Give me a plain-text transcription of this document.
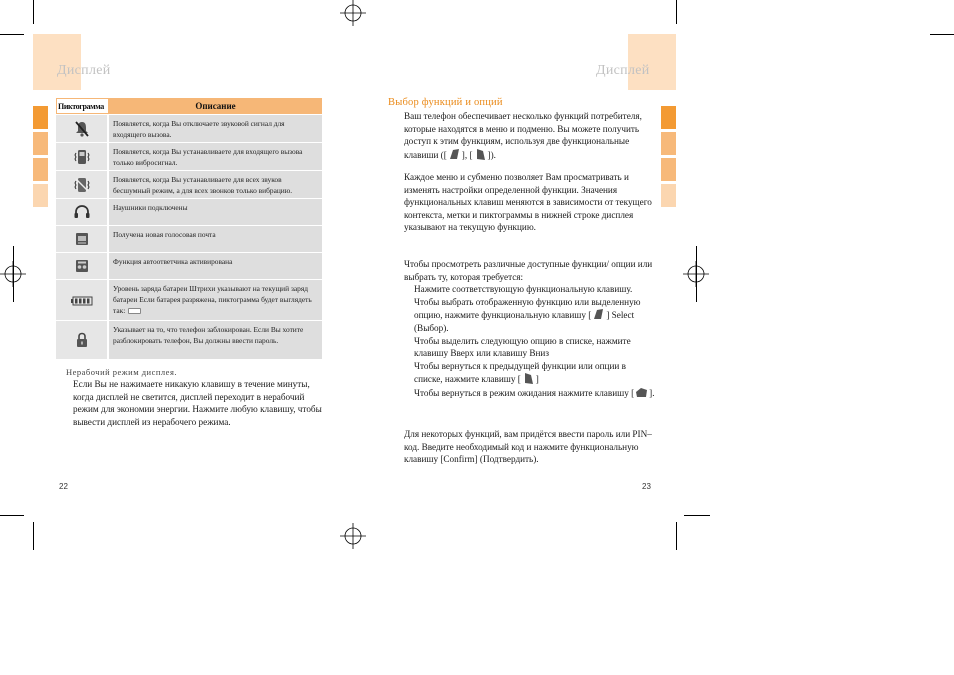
Дисплей	Дисплей
Пиктограмма	Описание
	Появляется, когда Вы отключаете звуковой сигнал для входящего вызова.
	Появляется, когда Вы устанавливаете для входящего вызова только вибросигнал.
	Появляется, когда Вы устанавливаете для всех звуков бесшумный режим, а для всех звонков только вибрацию.
	Наушники подключены
	Получена новая голосовая почта
	Функция автоответчика активирована
	Уровень заряда батареи Штрихи указывают на текущий заряд батареи Если батарея разряжена, пиктограмма будет выглядеть так:
	Указывает на то, что телефон заблокирован. Если Вы хотите разблокировать телефон, Вы должны ввести пароль.
Нерабочий режим дисплея.
Если Вы не нажимаете никакую клавишу в течение минуты, когда дисплей не светится, дисплей переходит в нерабочий режим для экономии энергии. Нажмите любую клавишу, чтобы вывести дисплей из нерабочего режима.
22
Выбор функций и опций
Ваш телефон обеспечивает несколько функций потребителя, которые находятся в меню и подменю. Вы можете получить доступ к этим функциям, используя две функциональные клавиши ([ ], [ ]).
Каждое меню и субменю позволяет Вам просматривать и изменять настройки определенной функции. Значения функциональных клавиш меняются в зависимости от текущего контекста, метки и пиктограммы в нижней строке дисплея указывают на текущую функцию.
Чтобы просмотреть различные доступные функции/ опции или выбрать ту, которая требуется:
Нажмите соответствующую функциональную клавишу.
Чтобы выбрать отображенную функцию или выделенную опцию, нажмите функциональную клавишу [ ] Select (Выбор).
Чтобы выделить следующую опцию в списке, нажмите клавишу Вверх или клавишу Вниз
Чтобы вернуться к предыдущей функции или опции в списке, нажмите клавишу [ ]
Чтобы вернуться в режим ожидания нажмите клавишу [ ].
Для некоторых функций, вам придётся ввести пароль или PIN–код. Введите необходимый код и нажмите функциональную клавишу [Confirm] (Подтвердить).
23
